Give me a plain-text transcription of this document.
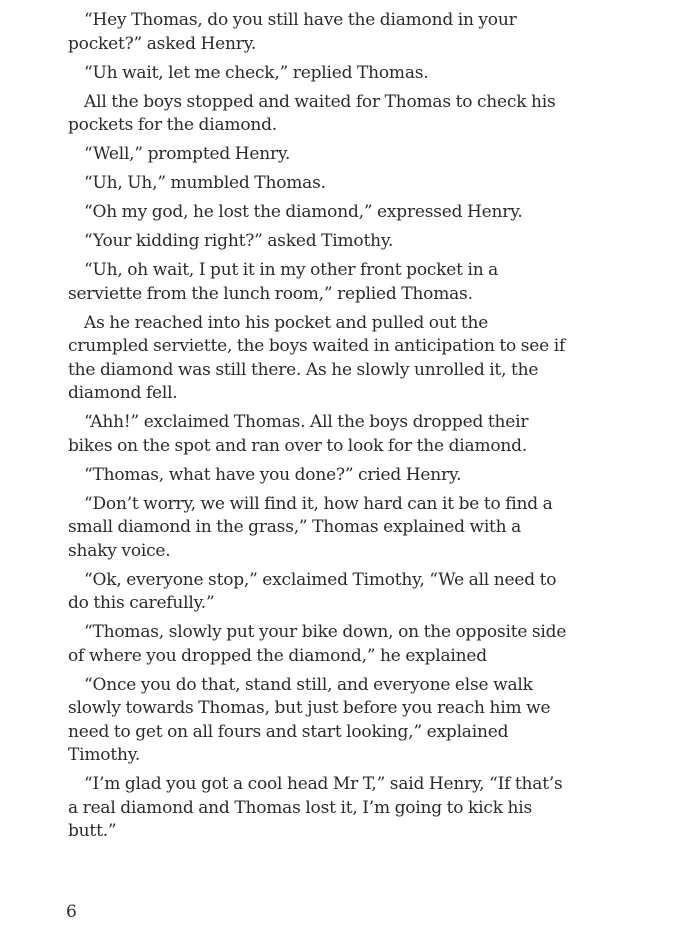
“Hey Thomas, do you still have the diamond in your pocket?” asked Henry.

“Uh wait, let me check,” replied Thomas.

All the boys stopped and waited for Thomas to check his pockets for the diamond.

“Well,” prompted Henry.

“Uh, Uh,” mumbled Thomas.

“Oh my god, he lost the diamond,” expressed Henry.

“Your kidding right?” asked Timothy.

“Uh, oh wait, I put it in my other front pocket in a serviette from the lunch room,” replied Thomas.

As he reached into his pocket and pulled out the crumpled serviette, the boys waited in anticipation to see if the diamond was still there. As he slowly unrolled it, the diamond fell.

“Ahh!” exclaimed Thomas. All the boys dropped their bikes on the spot and ran over to look for the diamond.

“Thomas, what have you done?” cried Henry.

“Don’t worry, we will find it, how hard can it be to find a small diamond in the grass,” Thomas explained with a shaky voice.

“Ok, everyone stop,” exclaimed Timothy, “We all need to do this carefully.”

“Thomas, slowly put your bike down, on the opposite side of where you dropped the diamond,” he explained

“Once you do that, stand still, and everyone else walk slowly towards Thomas, but just before you reach him we need to get on all fours and start looking,” explained Timothy.

“I’m glad you got a cool head Mr T,” said Henry, “If that’s a real diamond and Thomas lost it, I’m going to kick his butt.”

6
